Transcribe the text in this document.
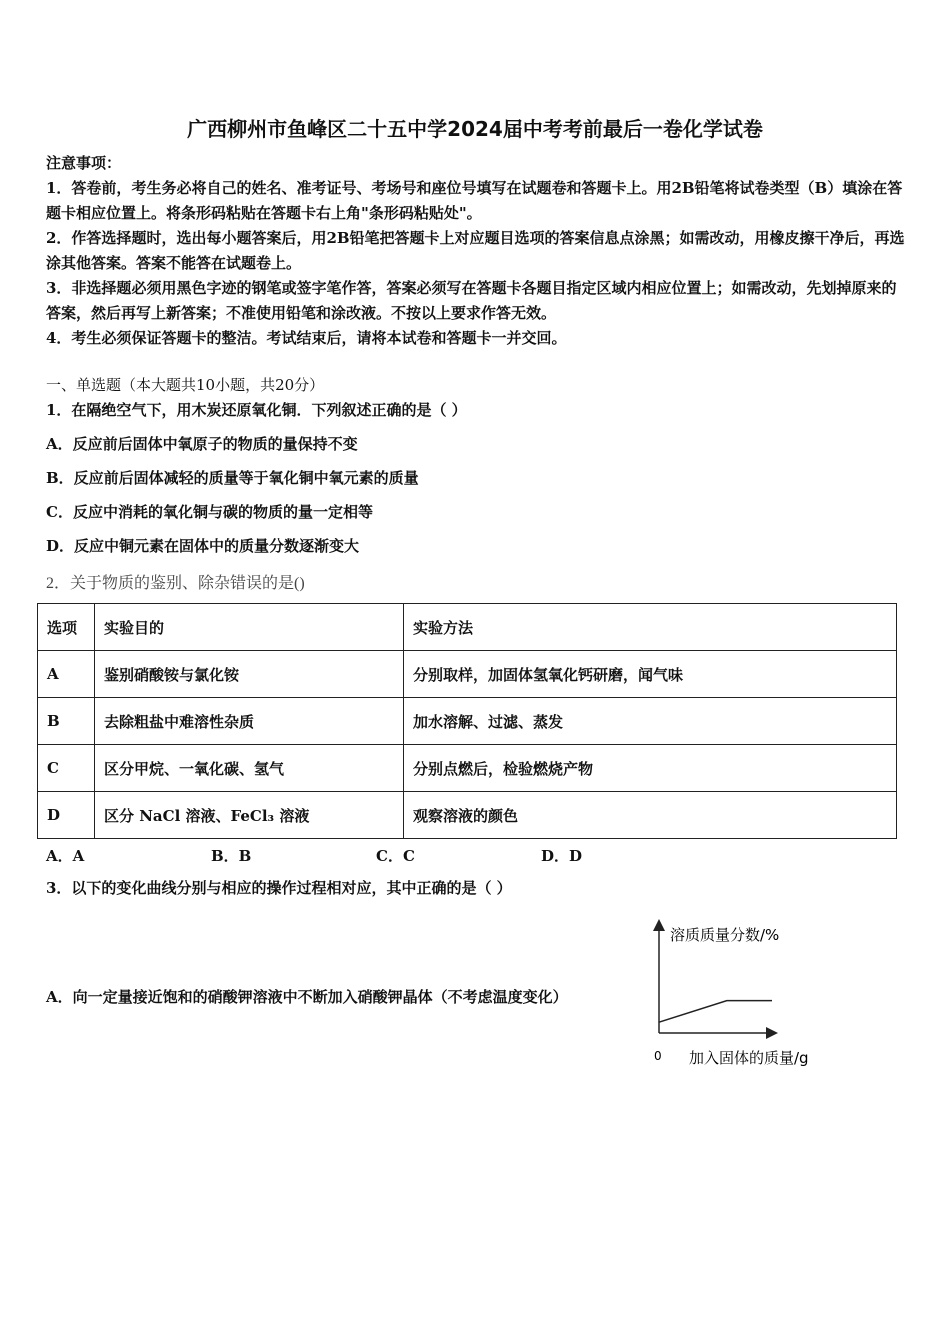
广西柳州市鱼峰区二十五中学2024届中考考前最后一卷化学试卷
注意事项：

1．答卷前，考生务必将自己的姓名、准考证号、考场号和座位号填写在试题卷和答题卡上。用2B铅笔将试卷类型（B）填涂在答题卡相应位置上。将条形码粘贴在答题卡右上角"条形码粘贴处"。

2．作答选择题时，选出每小题答案后，用2B铅笔把答题卡上对应题目选项的答案信息点涂黑；如需改动，用橡皮擦干净后，再选涂其他答案。答案不能答在试题卷上。

3．非选择题必须用黑色字迹的钢笔或签字笔作答，答案必须写在答题卡各题目指定区域内相应位置上；如需改动，先划掉原来的答案，然后再写上新答案；不准使用铅笔和涂改液。不按以上要求作答无效。

4．考生必须保证答题卡的整洁。考试结束后，请将本试卷和答题卡一并交回。

一、单选题（本大题共10小题，共20分）
1．在隔绝空气下，用木炭还原氧化铜．下列叙述正确的是（ ）
A．反应前后固体中氧原子的物质的量保持不变
B．反应前后固体减轻的质量等于氧化铜中氧元素的质量
C．反应中消耗的氧化铜与碳的物质的量一定相等
D．反应中铜元素在固体中的质量分数逐渐变大
2．关于物质的鉴别、除杂错误的是()
选项	实验目的	实验方法
A	鉴别硝酸铵与氯化铵	分别取样，加固体氢氧化钙研磨，闻气味
B	去除粗盐中难溶性杂质	加水溶解、过滤、蒸发
C	区分甲烷、一氧化碳、氢气	分别点燃后，检验燃烧产物
D	区分 NaCl 溶液、FeCl₃ 溶液	观察溶液的颜色
A．A	B．B	C．C	D．D
3．以下的变化曲线分别与相应的操作过程相对应，其中正确的是（ ）
A．向一定量接近饱和的硝酸钾溶液中不断加入硝酸钾晶体（不考虑温度变化）
溶质质量分数/%
0 加入固体的质量/g
